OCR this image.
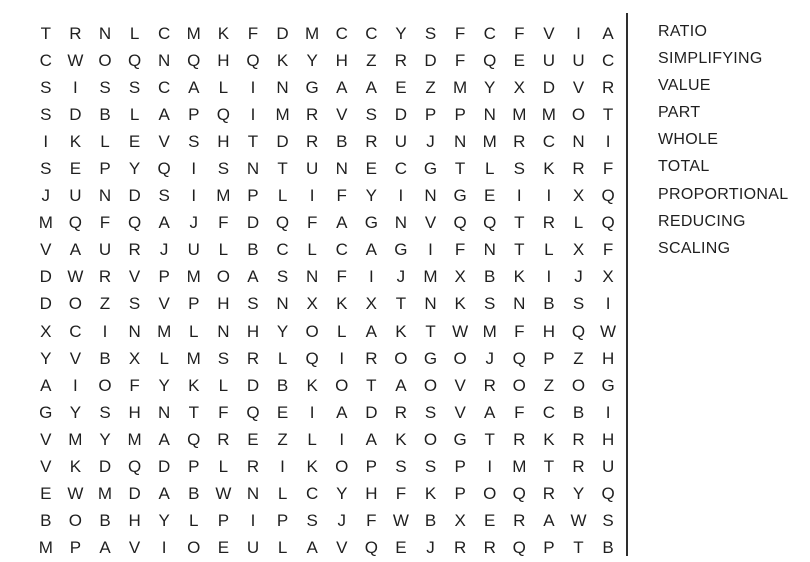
T	R	N	L	C M K	F	D M C	C	Y	S	F	C	F	V	I	A
C W O Q N Q H Q	K	Y	H	Z	R	D	F	Q	E	U	U	C
S	I	S	S	C	A	L	I	N G	A	A	E	Z	M Y	X	D	V	R
S	D	B	L	A	P	Q	I	M R	V	S	D	P	P	N M M O	T
I	K	L	E	V	S	H	T	D	R	B	R	U	J	N M R	C	N	I
S	E	P	Y	Q	I	S	N	T	U	N	E	C G	T	L	S	K	R	F
J	U	N	D	S	I	M P	L	I	F	Y	I	N G	E	I	I	X	Q
M Q	F	Q	A	J	F	D Q	F	A	G N	V	Q Q	T	R	L	Q
V	A	U	R	J	U	L	B	C	L	C	A	G	I	F	N	T	L	X	F
D W R	V	P M O	A	S	N	F	I	J	M X	B	K	I	J	X
D O	Z	S	V	P	H	S	N	X	K	X	T	N	K	S	N	B	S	I
X	C	I	N M	L	N	H	Y	O	L	A	K	T W M	F	H Q W
Y	V	B	X	L	M S	R	L	Q	I	R O G O	J	Q	P	Z	H
A	I	O	F	Y	K	L	D	B	K	O	T	A	O	V	R O	Z	O G
G	Y	S	H	N	T	F	Q	E	I	A	D	R	S	V	A	F	C	B	I
V M Y M A	Q R	E	Z	L	I	A	K	O G	T	R	K	R	H
V	K	D Q D	P	L	R	I	K	O	P	S	S	P	I	M	T	R	U
E W M D	A	B W N	L	C	Y	H	F	K	P	O Q R	Y	Q
B	O	B	H	Y	L	P	I	P	S	J	F W B	X	E	R	A W S
M P	A	V	I	O	E	U	L	A	V	Q	E	J	R	R Q	P	T	B
RATIO
SIMPLIFYING
VALUE
PART
WHOLE
TOTAL
PROPORTIONAL
REDUCING
SCALING
